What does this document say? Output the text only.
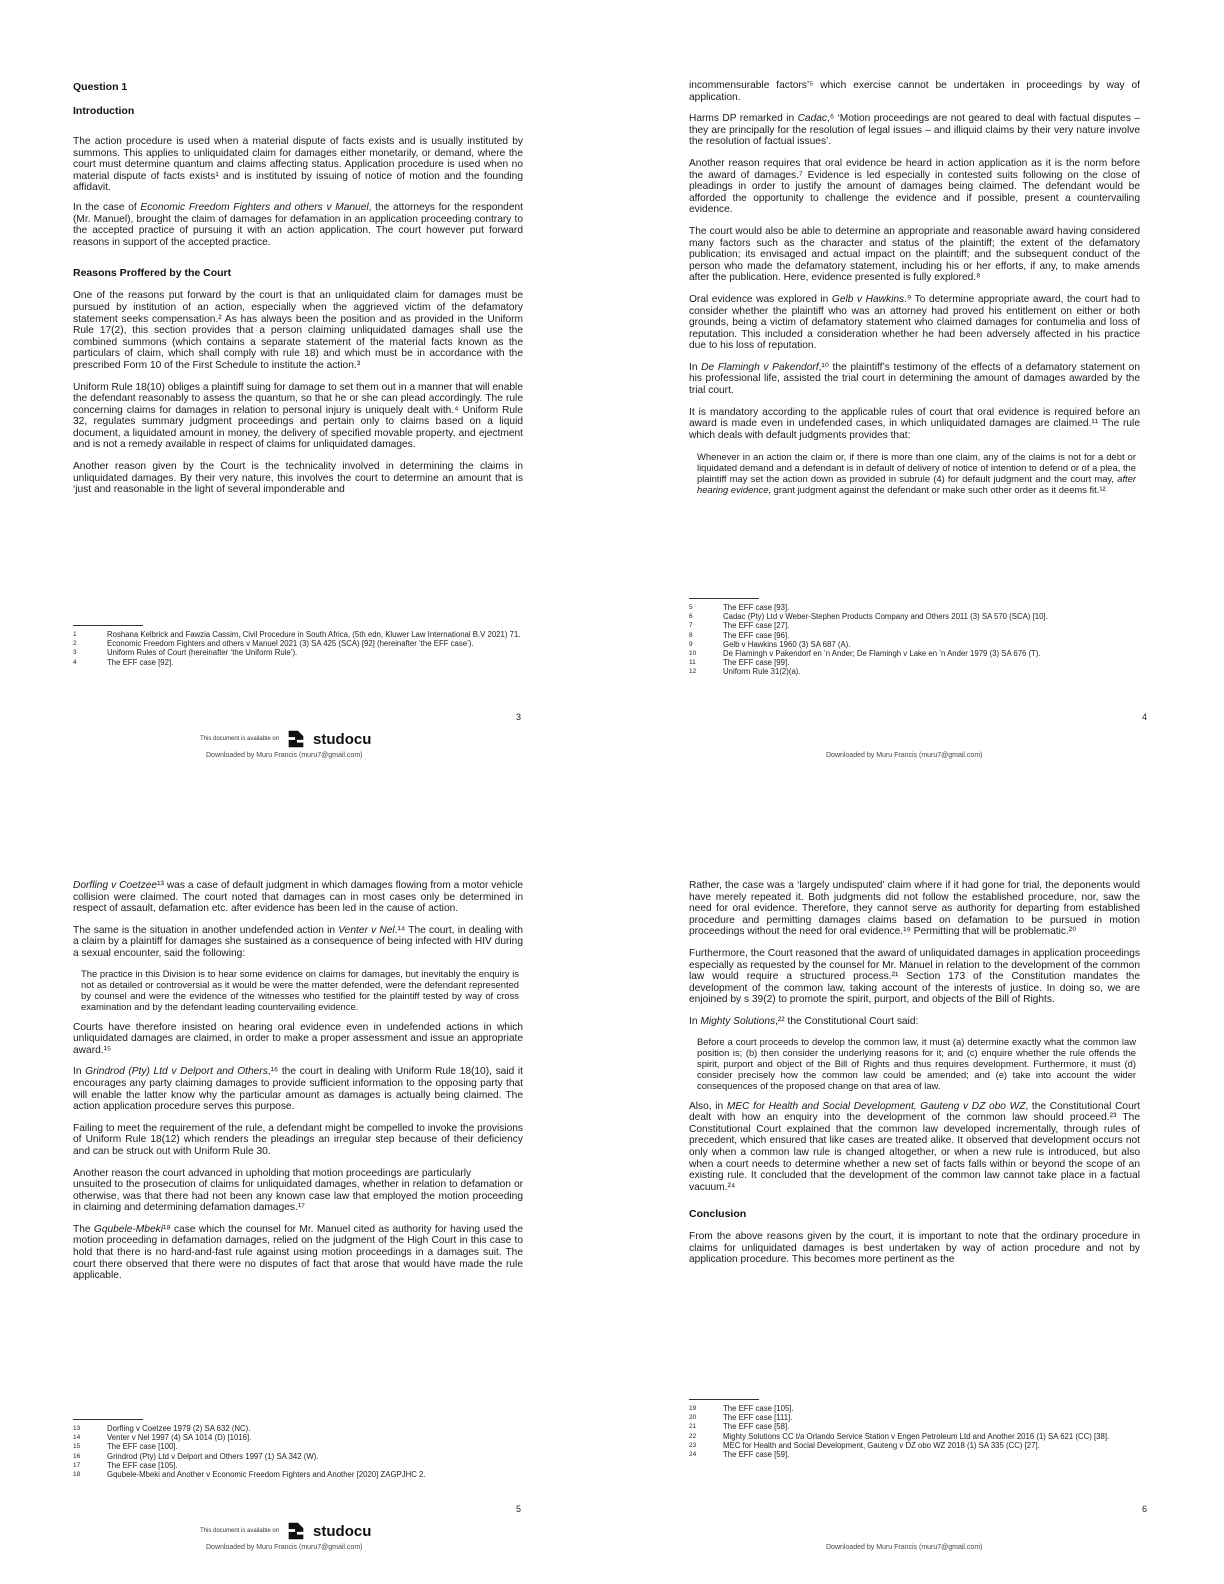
Question 1
Introduction

The action procedure is used when a material dispute of facts exists and is usually instituted by summons. This applies to unliquidated claim for damages either monetarily, or demand, where the court must determine quantum and claims affecting status. Application procedure is used when no material dispute of facts exists¹ and is instituted by issuing of notice of motion and the founding affidavit.

In the case of Economic Freedom Fighters and others v Manuel, the attorneys for the respondent (Mr. Manuel), brought the claim of damages for defamation in an application proceeding contrary to the accepted practice of pursuing it with an action application. The court however put forward reasons in support of the accepted practice.

Reasons Proffered by the Court

One of the reasons put forward by the court is that an unliquidated claim for damages must be pursued by institution of an action, especially when the aggrieved victim of the defamatory statement seeks compensation.² As has always been the position and as provided in the Uniform Rule 17(2), this section provides that a person claiming unliquidated damages shall use the combined summons (which contains a separate statement of the material facts known as the particulars of claim, which shall comply with rule 18) and which must be in accordance with the prescribed Form 10 of the First Schedule to institute the action.³

Uniform Rule 18(10) obliges a plaintiff suing for damage to set them out in a manner that will enable the defendant reasonably to assess the quantum, so that he or she can plead accordingly. The rule concerning claims for damages in relation to personal injury is uniquely dealt with.⁴ Uniform Rule 32, regulates summary judgment proceedings and pertain only to claims based on a liquid document, a liquidated amount in money, the delivery of specified movable property, and ejectment and is not a remedy available in respect of claims for unliquidated damages.

Another reason given by the Court is the technicality involved in determining the claims in unliquidated damages. By their very nature, this involves the court to determine an amount that is ‘just and reasonable in the light of several imponderable and

1	Roshana Kelbrick and Fawzia Cassim, Civil Procedure in South Africa, (5th edn, Kluwer Law International B.V 2021) 71.
2	Economic Freedom Fighters and others v Manuel 2021 (3) SA 425 (SCA) [92] (hereinafter ‘the EFF case’).
3	Uniform Rules of Court (hereinafter ‘the Uniform Rule’).
4	The EFF case [92].
3
This document is available on studocu
Downloaded by Muru Francis (muru7@gmail.com)

incommensurable factors’⁵ which exercise cannot be undertaken in proceedings by way of application.

Harms DP remarked in Cadac,⁶ ‘Motion proceedings are not geared to deal with factual disputes – they are principally for the resolution of legal issues – and illiquid claims by their very nature involve the resolution of factual issues’.

Another reason requires that oral evidence be heard in action application as it is the norm before the award of damages.⁷ Evidence is led especially in contested suits following on the close of pleadings in order to justify the amount of damages being claimed. The defendant would be afforded the opportunity to challenge the evidence and if possible, present a countervailing evidence.

The court would also be able to determine an appropriate and reasonable award having considered many factors such as the character and status of the plaintiff; the extent of the defamatory publication; its envisaged and actual impact on the plaintiff; and the subsequent conduct of the person who made the defamatory statement, including his or her efforts, if any, to make amends after the publication. Here, evidence presented is fully explored.⁸

Oral evidence was explored in Gelb v Hawkins.⁹ To determine appropriate award, the court had to consider whether the plaintiff who was an attorney had proved his entitlement on either or both grounds, being a victim of defamatory statement who claimed damages for contumelia and loss of reputation. This included a consideration whether he had been adversely affected in his practice due to his loss of reputation.

In De Flamingh v Pakendorf,¹⁰ the plaintiff’s testimony of the effects of a defamatory statement on his professional life, assisted the trial court in determining the amount of damages awarded by the trial court.

It is mandatory according to the applicable rules of court that oral evidence is required before an award is made even in undefended cases, in which unliquidated damages are claimed.¹¹ The rule which deals with default judgments provides that:

Whenever in an action the claim or, if there is more than one claim, any of the claims is not for a debt or liquidated demand and a defendant is in default of delivery of notice of intention to defend or of a plea, the plaintiff may set the action down as provided in subrule (4) for default judgment and the court may, after hearing evidence, grant judgment against the defendant or make such other order as it deems fit.¹²

5	The EFF case [93].
6	Cadac (Pty) Ltd v Weber-Stephen Products Company and Others 2011 (3) SA 570 (SCA) [10].
7	The EFF case [27].
8	The EFF case [96].
9	Gelb v Hawkins 1960 (3) SA 687 (A).
10	De Flamingh v Pakendorf en ’n Ander; De Flamingh v Lake en ’n Ander 1979 (3) SA 676 (T).
11	The EFF case [99].
12	Uniform Rule 31(2)(a).
4
Downloaded by Muru Francis (muru7@gmail.com)

Dorfling v Coetzee¹³ was a case of default judgment in which damages flowing from a motor vehicle collision were claimed. The court noted that damages can in most cases only be determined in respect of assault, defamation etc. after evidence has been led in the cause of action.

The same is the situation in another undefended action in Venter v Nel.¹⁴ The court, in dealing with a claim by a plaintiff for damages she sustained as a consequence of being infected with HIV during a sexual encounter, said the following:

The practice in this Division is to hear some evidence on claims for damages, but inevitably the enquiry is not as detailed or controversial as it would be were the matter defended, were the defendant represented by counsel and were the evidence of the witnesses who testified for the plaintiff tested by way of cross examination and by the defendant leading countervailing evidence.

Courts have therefore insisted on hearing oral evidence even in undefended actions in which unliquidated damages are claimed, in order to make a proper assessment and issue an appropriate award.¹⁵

In Grindrod (Pty) Ltd v Delport and Others,¹⁶ the court in dealing with Uniform Rule 18(10), said it encourages any party claiming damages to provide sufficient information to the opposing party that will enable the latter know why the particular amount as damages is actually being claimed. The action application procedure serves this purpose.

Failing to meet the requirement of the rule, a defendant might be compelled to invoke the provisions of Uniform Rule 18(12) which renders the pleadings an irregular step because of their deficiency and can be struck out with Uniform Rule 30.

Another reason the court advanced in upholding that motion proceedings are particularly
unsuited to the prosecution of claims for unliquidated damages, whether in relation to defamation or otherwise, was that there had not been any known case law that employed the motion proceeding in claiming and determining defamation damages.¹⁷

The Gqubele-Mbeki¹⁸ case which the counsel for Mr. Manuel cited as authority for having used the motion proceeding in defamation damages, relied on the judgment of the High Court in this case to hold that there is no hard-and-fast rule against using motion proceedings in a damages suit. The court there observed that there were no disputes of fact that arose that would have made the rule applicable.

13	Dorfling v Coetzee 1979 (2) SA 632 (NC).
14	Venter v Nel 1997 (4) SA 1014 (D) [1016].
15	The EFF case [100].
16	Grindrod (Pty) Ltd v Delport and Others 1997 (1) SA 342 (W).
17	The EFF case [105].
18	Gqubele-Mbeki and Another v Economic Freedom Fighters and Another [2020] ZAGPJHC 2.
5
This document is available on studocu
Downloaded by Muru Francis (muru7@gmail.com)

Rather, the case was a ‘largely undisputed’ claim where if it had gone for trial, the deponents would have merely repeated it. Both judgments did not follow the established procedure, nor, saw the need for oral evidence. Therefore, they cannot serve as authority for departing from established procedure and permitting damages claims based on defamation to be pursued in motion proceedings without the need for oral evidence.¹⁹ Permitting that will be problematic.²⁰

Furthermore, the Court reasoned that the award of unliquidated damages in application proceedings especially as requested by the counsel for Mr. Manuel in relation to the development of the common law would require a structured process.²¹ Section 173 of the Constitution mandates the development of the common law, taking account of the interests of justice. In doing so, we are enjoined by s 39(2) to promote the spirit, purport, and objects of the Bill of Rights.

In Mighty Solutions,²² the Constitutional Court said:

Before a court proceeds to develop the common law, it must (a) determine exactly what the common law position is; (b) then consider the underlying reasons for it; and (c) enquire whether the rule offends the spirit, purport and object of the Bill of Rights and thus requires development. Furthermore, it must (d) consider precisely how the common law could be amended; and (e) take into account the wider consequences of the proposed change on that area of law.

Also, in MEC for Health and Social Development, Gauteng v DZ obo WZ, the Constitutional Court dealt with how an enquiry into the development of the common law should proceed.²³ The Constitutional Court explained that the common law developed incrementally, through rules of precedent, which ensured that like cases are treated alike. It observed that development occurs not only when a common law rule is changed altogether, or when a new rule is introduced, but also when a court needs to determine whether a new set of facts falls within or beyond the scope of an existing rule. It concluded that the development of the common law cannot take place in a factual vacuum.²⁴

Conclusion

From the above reasons given by the court, it is important to note that the ordinary procedure in claims for unliquidated damages is best undertaken by way of action procedure and not by application procedure. This becomes more pertinent as the

19	The EFF case [105].
20	The EFF case [111].
21	The EFF case [58].
22	Mighty Solutions CC t/a Orlando Service Station v Engen Petroleum Ltd and Another 2016 (1) SA 621 (CC) [38].
23	MEC for Health and Social Development, Gauteng v DZ obo WZ 2018 (1) SA 335 (CC) [27].
24	The EFF case [59].
6
Downloaded by Muru Francis (muru7@gmail.com)
